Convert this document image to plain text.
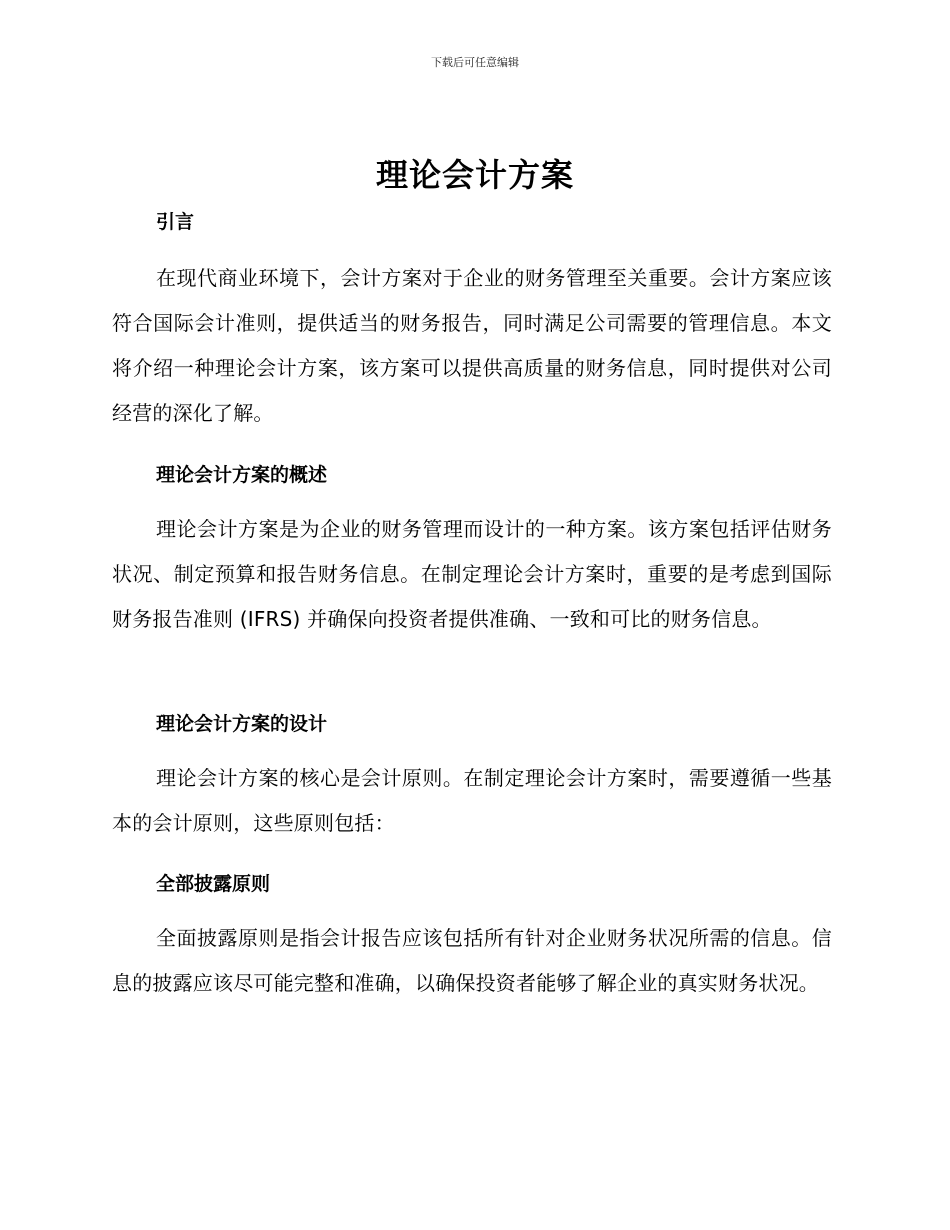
下载后可任意编辑
理论会计方案
引言
在现代商业环境下，会计方案对于企业的财务管理至关重要。会计方案应该符合国际会计准则，提供适当的财务报告，同时满足公司需要的管理信息。本文将介绍一种理论会计方案，该方案可以提供高质量的财务信息，同时提供对公司经营的深化了解。
理论会计方案的概述
理论会计方案是为企业的财务管理而设计的一种方案。该方案包括评估财务状况、制定预算和报告财务信息。在制定理论会计方案时，重要的是考虑到国际财务报告准则 (IFRS) 并确保向投资者提供准确、一致和可比的财务信息。
理论会计方案的设计
理论会计方案的核心是会计原则。在制定理论会计方案时，需要遵循一些基本的会计原则，这些原则包括：
全部披露原则
全面披露原则是指会计报告应该包括所有针对企业财务状况所需的信息。信息的披露应该尽可能完整和准确，以确保投资者能够了解企业的真实财务状况。
